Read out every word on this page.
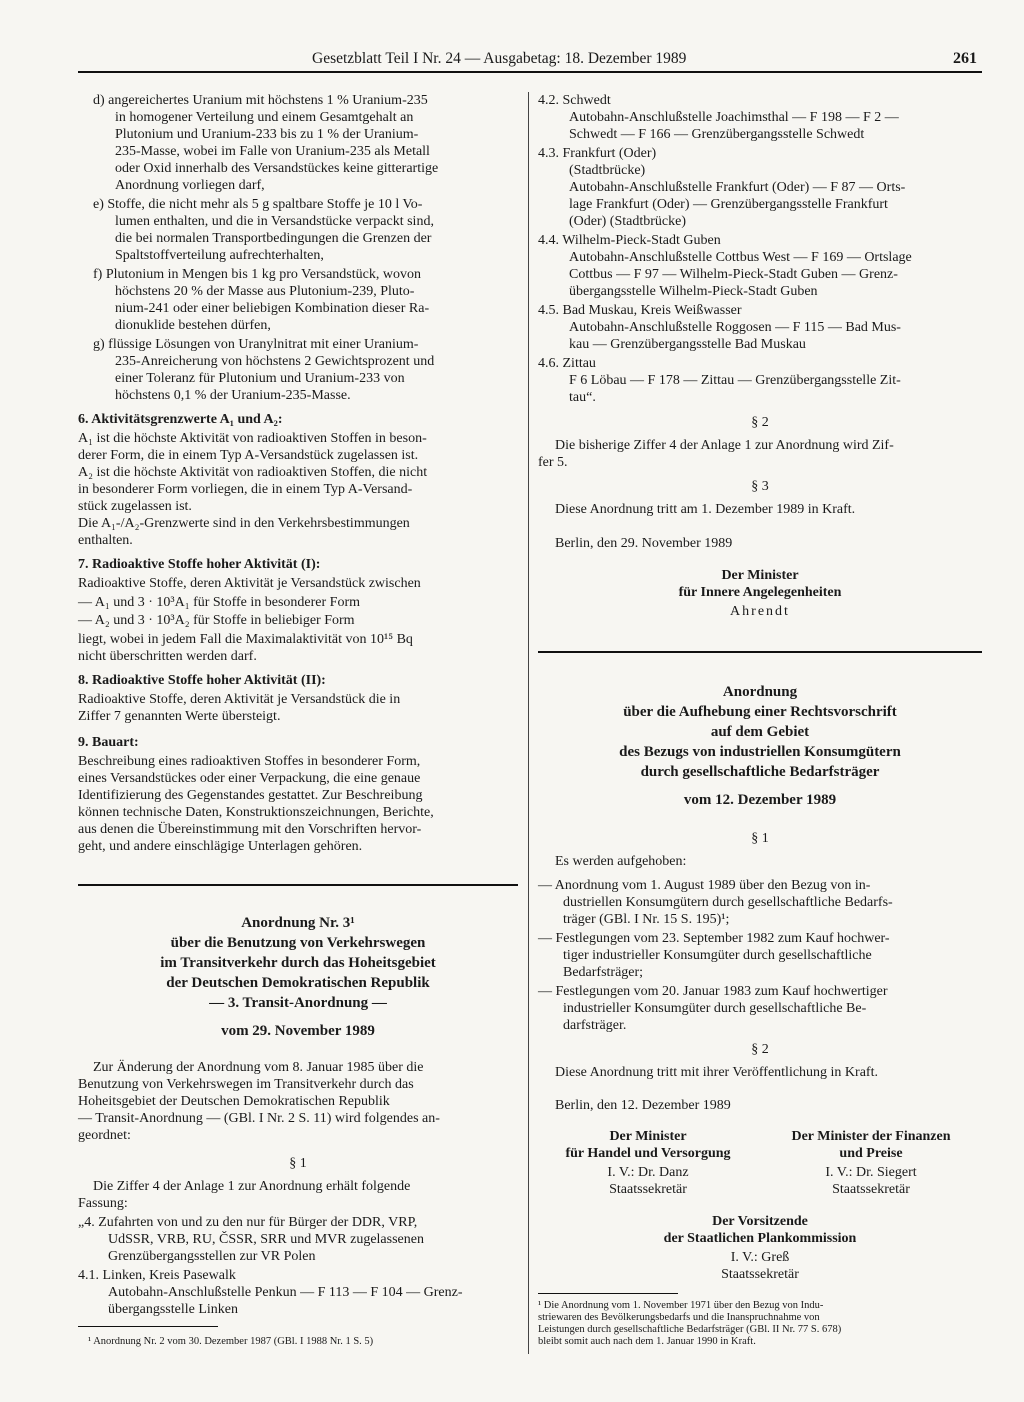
Gesetzblatt Teil I Nr. 24 — Ausgabetag: 18. Dezember 1989	261
d) angereichertes Uranium mit höchstens 1 % Uranium-235
in homogener Verteilung und einem Gesamtgehalt an
Plutonium und Uranium-233 bis zu 1 % der Uranium-
235-Masse, wobei im Falle von Uranium-235 als Metall
oder Oxid innerhalb des Versandstückes keine gitterartige
Anordnung vorliegen darf,
e) Stoffe, die nicht mehr als 5 g spaltbare Stoffe je 10 l Vo-
lumen enthalten, und die in Versandstücke verpackt sind,
die bei normalen Transportbedingungen die Grenzen der
Spaltstoffverteilung aufrechterhalten,
f) Plutonium in Mengen bis 1 kg pro Versandstück, wovon
höchstens 20 % der Masse aus Plutonium-239, Pluto-
nium-241 oder einer beliebigen Kombination dieser Ra-
dionuklide bestehen dürfen,
g) flüssige Lösungen von Uranylnitrat mit einer Uranium-
235-Anreicherung von höchstens 2 Gewichtsprozent und
einer Toleranz für Plutonium und Uranium-233 von
höchstens 0,1 % der Uranium-235-Masse.
6. Aktivitätsgrenzwerte A₁ und A₂:
A₁ ist die höchste Aktivität von radioaktiven Stoffen in beson-
derer Form, die in einem Typ A-Versandstück zugelassen ist.
A₂ ist die höchste Aktivität von radioaktiven Stoffen, die nicht
in besonderer Form vorliegen, die in einem Typ A-Versand-
stück zugelassen ist.
Die A₁-/A₂-Grenzwerte sind in den Verkehrsbestimmungen
enthalten.
7. Radioaktive Stoffe hoher Aktivität (I):
Radioaktive Stoffe, deren Aktivität je Versandstück zwischen
— A₁ und 3 · 10³A₁ für Stoffe in besonderer Form
— A₂ und 3 · 10³A₂ für Stoffe in beliebiger Form
liegt, wobei in jedem Fall die Maximalaktivität von 10¹⁵ Bq
nicht überschritten werden darf.
8. Radioaktive Stoffe hoher Aktivität (II):
Radioaktive Stoffe, deren Aktivität je Versandstück die in
Ziffer 7 genannten Werte übersteigt.
9. Bauart:
Beschreibung eines radioaktiven Stoffes in besonderer Form,
eines Versandstückes oder einer Verpackung, die eine genaue
Identifizierung des Gegenstandes gestattet. Zur Beschreibung
können technische Daten, Konstruktionszeichnungen, Berichte,
aus denen die Übereinstimmung mit den Vorschriften hervor-
geht, und andere einschlägige Unterlagen gehören.
Anordnung Nr. 3¹
über die Benutzung von Verkehrswegen
im Transitverkehr durch das Hoheitsgebiet
der Deutschen Demokratischen Republik
— 3. Transit-Anordnung —
vom 29. November 1989
Zur Änderung der Anordnung vom 8. Januar 1985 über die
Benutzung von Verkehrswegen im Transitverkehr durch das
Hoheitsgebiet der Deutschen Demokratischen Republik
— Transit-Anordnung — (GBl. I Nr. 2 S. 11) wird folgendes an-
geordnet:
§ 1
Die Ziffer 4 der Anlage 1 zur Anordnung erhält folgende
Fassung:
„4. Zufahrten von und zu den nur für Bürger der DDR, VRP,
UdSSR, VRB, RU, ČSSR, SRR und MVR zugelassenen
Grenzübergangsstellen zur VR Polen
4.1. Linken, Kreis Pasewalk
Autobahn-Anschlußstelle Penkun — F 113 — F 104 — Grenz-
übergangsstelle Linken
¹ Anordnung Nr. 2 vom 30. Dezember 1987 (GBl. I 1988 Nr. 1 S. 5)
4.2. Schwedt
Autobahn-Anschlußstelle Joachimsthal — F 198 — F 2 —
Schwedt — F 166 — Grenzübergangsstelle Schwedt
4.3. Frankfurt (Oder)
(Stadtbrücke)
Autobahn-Anschlußstelle Frankfurt (Oder) — F 87 — Orts-
lage Frankfurt (Oder) — Grenzübergangsstelle Frankfurt
(Oder) (Stadtbrücke)
4.4. Wilhelm-Pieck-Stadt Guben
Autobahn-Anschlußstelle Cottbus West — F 169 — Ortslage
Cottbus — F 97 — Wilhelm-Pieck-Stadt Guben — Grenz-
übergangsstelle Wilhelm-Pieck-Stadt Guben
4.5. Bad Muskau, Kreis Weißwasser
Autobahn-Anschlußstelle Roggosen — F 115 — Bad Mus-
kau — Grenzübergangsstelle Bad Muskau
4.6. Zittau
F 6 Löbau — F 178 — Zittau — Grenzübergangsstelle Zit-
tau“.
§ 2
Die bisherige Ziffer 4 der Anlage 1 zur Anordnung wird Zif-
fer 5.
§ 3
Diese Anordnung tritt am 1. Dezember 1989 in Kraft.
Berlin, den 29. November 1989
Der Minister
für Innere Angelegenheiten
Ahrendt
Anordnung
über die Aufhebung einer Rechtsvorschrift
auf dem Gebiet
des Bezugs von industriellen Konsumgütern
durch gesellschaftliche Bedarfsträger
vom 12. Dezember 1989
§ 1
Es werden aufgehoben:
— Anordnung vom 1. August 1989 über den Bezug von in-
dustriellen Konsumgütern durch gesellschaftliche Bedarfs-
träger (GBl. I Nr. 15 S. 195)¹;
— Festlegungen vom 23. September 1982 zum Kauf hochwer-
tiger industrieller Konsumgüter durch gesellschaftliche
Bedarfsträger;
— Festlegungen vom 20. Januar 1983 zum Kauf hochwertiger
industrieller Konsumgüter durch gesellschaftliche Be-
darfsträger.
§ 2
Diese Anordnung tritt mit ihrer Veröffentlichung in Kraft.
Berlin, den 12. Dezember 1989
Der Minister
für Handel und Versorgung
I. V.: Dr. Danz
Staatssekretär
Der Minister der Finanzen
und Preise
I. V.: Dr. Siegert
Staatssekretär
Der Vorsitzende
der Staatlichen Plankommission
I. V.: Greß
Staatssekretär
¹ Die Anordnung vom 1. November 1971 über den Bezug von Indu-
striewaren des Bevölkerungsbedarfs und die Inanspruchnahme von
Leistungen durch gesellschaftliche Bedarfsträger (GBl. II Nr. 77 S. 678)
bleibt somit auch nach dem 1. Januar 1990 in Kraft.
